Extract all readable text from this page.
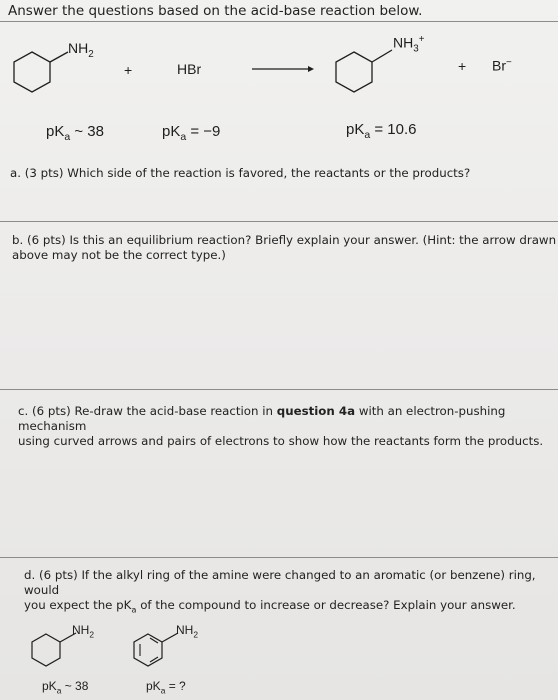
Answer the questions based on the acid-base reaction below.
$NH_2$
+	HBr
$NH_3^+$
+ Br−
$pK_a$ ~ 38	$pK_a = -9$	$pK_a = 10.6$
a. (3 pts) Which side of the reaction is favored, the reactants or the products?
b. (6 pts) Is this an equilibrium reaction? Briefly explain your answer. (Hint: the arrow drawn
above may not be the correct type.)
c. (6 pts) Re-draw the acid-base reaction in question 4a with an electron-pushing mechanism
using curved arrows and pairs of electrons to show how the reactants form the products.
d. (6 pts) If the alkyl ring of the amine were changed to an aromatic (or benzene) ring, would
you expect the $pK_a$ of the compound to increase or decrease? Explain your answer.
$NH_2$	$NH_2$
$pK_a$ ~ 38	$pK_a$ = ?
